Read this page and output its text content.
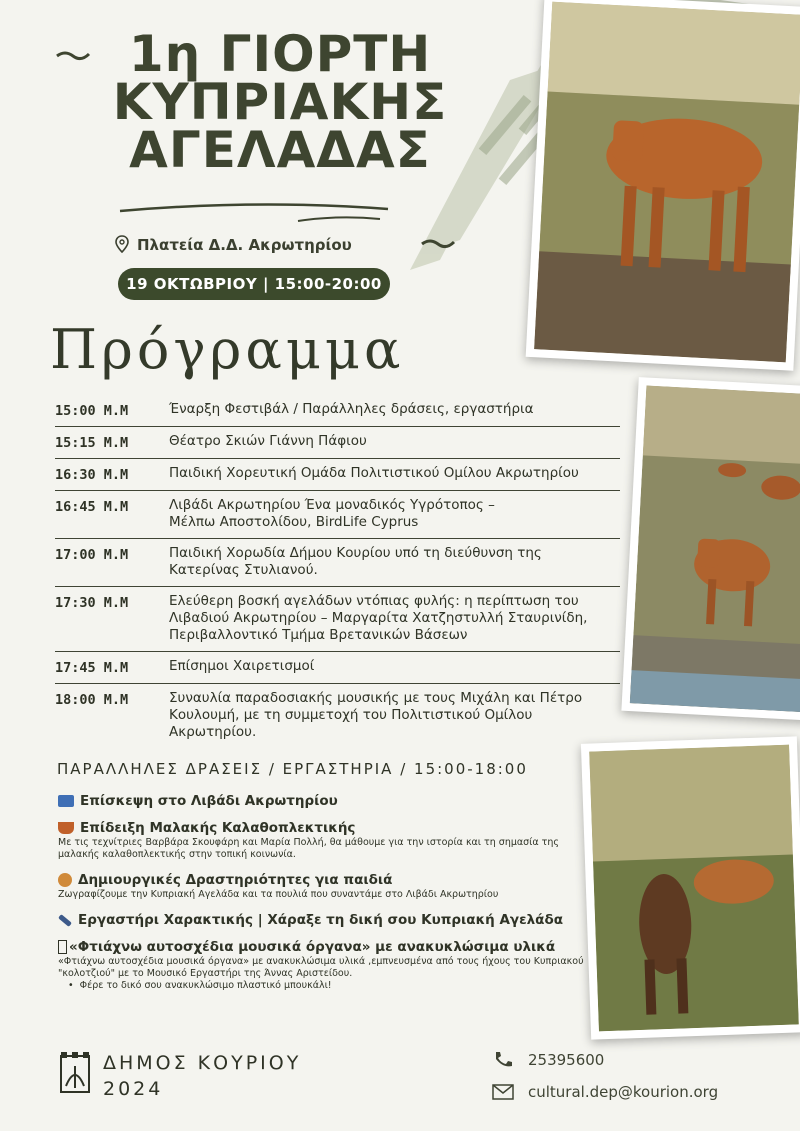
1η ΓΙΟΡΤΗ
ΚΥΠΡΙΑΚΗΣ
ΑΓΕΛΑΔΑΣ
Πλατεία Δ.Δ. Ακρωτηρίου
19 ΟΚΤΩΒΡΙΟΥ | 15:00-20:00
Πρόγραμμα
15:00 Μ.Μ	Έναρξη Φεστιβάλ / Παράλληλες δράσεις, εργαστήρια
15:15 Μ.Μ	Θέατρο Σκιών Γιάννη Πάφιου
16:30 Μ.Μ	Παιδική Χορευτική Ομάδα Πολιτιστικού Ομίλου Ακρωτηρίου
16:45 Μ.Μ	Λιβάδι Ακρωτηρίου Ένα μοναδικός Υγρότοπος – Μέλπω Αποστολίδου, BirdLife Cyprus
17:00 Μ.Μ	Παιδική Χορωδία Δήμου Κουρίου υπό τη διεύθυνση της Κατερίνας Στυλιανού.
17:30 Μ.Μ	Ελεύθερη βοσκή αγελάδων ντόπιας φυλής: η περίπτωση του Λιβαδιού Ακρωτηρίου – Μαργαρίτα Χατζηστυλλή Σταυρινίδη, Περιβαλλοντικό Τμήμα Βρετανικών Βάσεων
17:45 Μ.Μ	Επίσημοι Χαιρετισμοί
18:00 Μ.Μ	Συναυλία παραδοσιακής μουσικής με τους Μιχάλη και Πέτρο Κουλουμή, με τη συμμετοχή του Πολιτιστικού Ομίλου Ακρωτηρίου.
ΠΑΡΑΛΛΗΛΕΣ ΔΡΑΣΕΙΣ / ΕΡΓΑΣΤΗΡΙΑ / 15:00-18:00
Επίσκεψη στο Λιβάδι Ακρωτηρίου
Επίδειξη Μαλακής Καλαθοπλεκτικής
Με τις τεχνίτριες Βαρβάρα Σκουφάρη και Μαρία Πολλή, θα μάθουμε για την ιστορία και τη σημασία της μαλακής καλαθοπλεκτικής στην τοπική κοινωνία.
Δημιουργικές Δραστηριότητες για παιδιά
Ζωγραφίζουμε την Κυπριακή Αγελάδα και τα πουλιά που συναντάμε στο Λιβάδι Ακρωτηρίου
Εργαστήρι Χαρακτικής | Χάραξε τη δική σου Κυπριακή Αγελάδα
«Φτιάχνω αυτοσχέδια μουσικά όργανα» με ανακυκλώσιμα υλικά
«Φτιάχνω αυτοσχέδια μουσικά όργανα» με ανακυκλώσιμα υλικά ,εμπνευσμένα από τους ήχους του Κυπριακού "κολοτζιού" με το Μουσικό Εργαστήρι της Άννας Αριστείδου.
•  Φέρε το δικό σου ανακυκλώσιμο πλαστικό μπουκάλι!
ΔΗΜΟΣ ΚΟΥΡΙΟΥ
2024
25395600
cultural.dep@kourion.org
